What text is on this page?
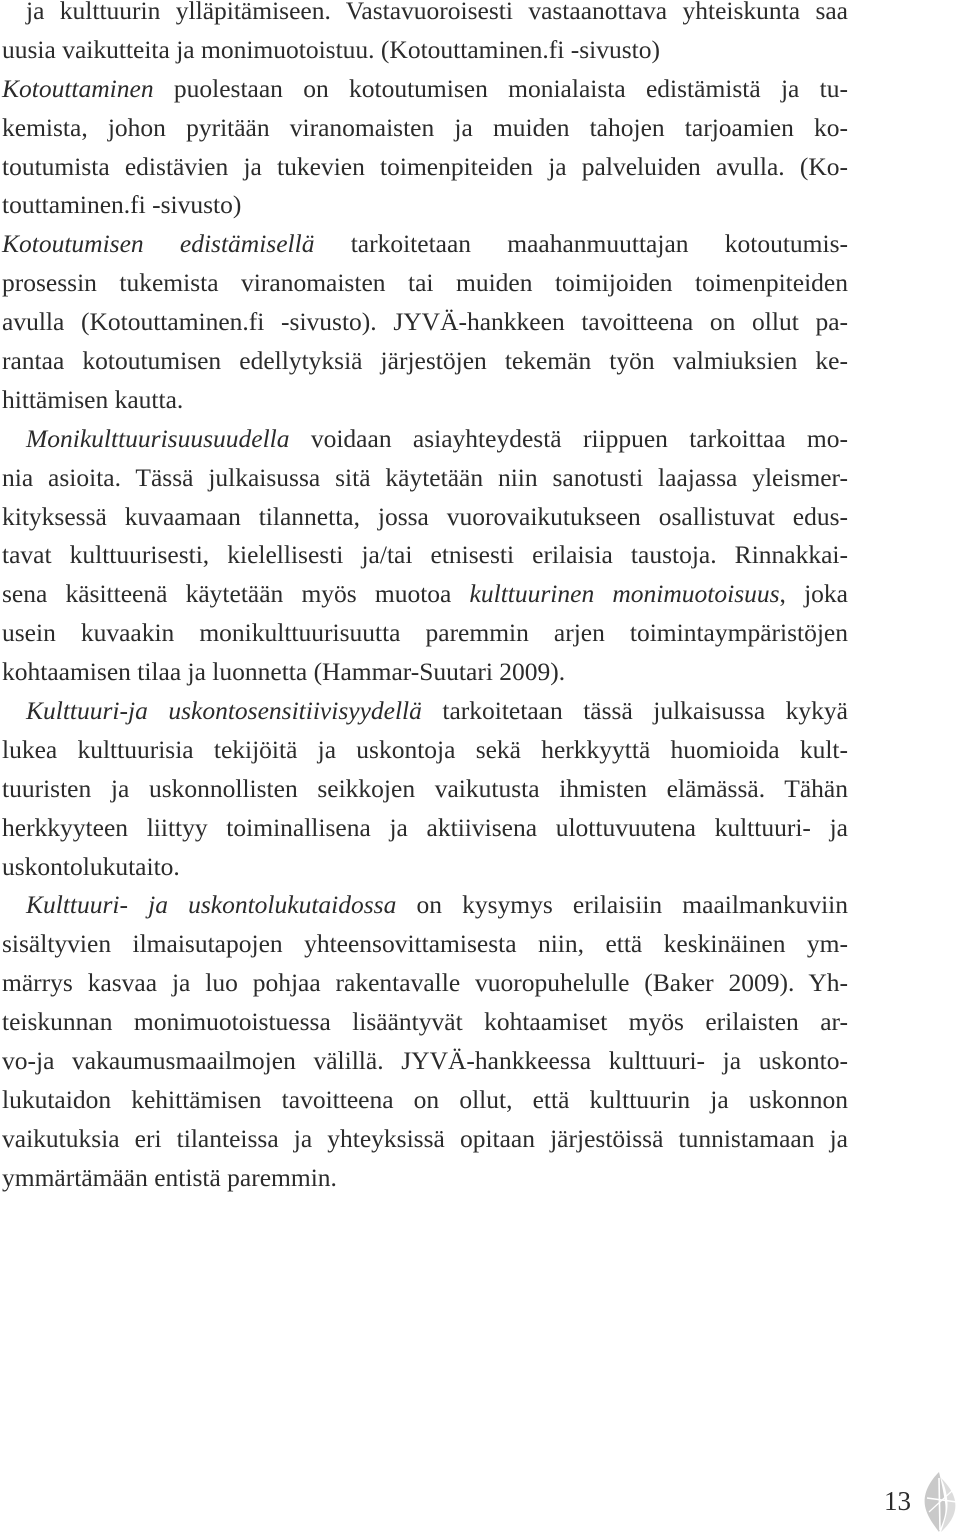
ja kulttuurin ylläpitämiseen. Vastavuoroisesti vastaanottava yhteiskunta saa
uusia vaikutteita ja monimuotoistuu. (Kotouttaminen.fi -sivusto)
Kotouttaminen puolestaan on kotoutumisen monialaista edistämistä ja tu-
kemista, johon pyritään viranomaisten ja muiden tahojen tarjoamien ko-
toutumista edistävien ja tukevien toimenpiteiden ja palveluiden avulla. (Ko-
touttaminen.fi -sivusto)
Kotoutumisen edistämisellä tarkoitetaan maahanmuuttajan kotoutumis-
prosessin tukemista viranomaisten tai muiden toimijoiden toimenpiteiden
avulla (Kotouttaminen.fi -sivusto). JYVÄ-hankkeen tavoitteena on ollut pa-
rantaa kotoutumisen edellytyksiä järjestöjen tekemän työn valmiuksien ke-
hittämisen kautta.
Monikulttuurisuusuudella voidaan asiayhteydestä riippuen tarkoittaa mo-
nia asioita. Tässä julkaisussa sitä käytetään niin sanotusti laajassa yleismer-
kityksessä kuvaamaan tilannetta, jossa vuorovaikutukseen osallistuvat edus-
tavat kulttuurisesti, kielellisesti ja/tai etnisesti erilaisia taustoja. Rinnakkai-
sena käsitteenä käytetään myös muotoa kulttuurinen monimuotoisuus, joka
usein kuvaakin monikulttuurisuutta paremmin arjen toimintaympäristöjen
kohtaamisen tilaa ja luonnetta (Hammar-Suutari 2009).
Kulttuuri-ja uskontosensitiivisyydellä tarkoitetaan tässä julkaisussa kykyä
lukea kulttuurisia tekijöitä ja uskontoja sekä herkkyyttä huomioida kult-
tuuristen ja uskonnollisten seikkojen vaikutusta ihmisten elämässä. Tähän
herkkyyteen liittyy toiminallisena ja aktiivisena ulottuvuutena kulttuuri- ja
uskontolukutaito.
Kulttuuri- ja uskontolukutaidossa on kysymys erilaisiin maailmankuviin
sisältyvien ilmaisutapojen yhteensovittamisesta niin, että keskinäinen ym-
märrys kasvaa ja luo pohjaa rakentavalle vuoropuhelulle (Baker 2009). Yh-
teiskunnan monimuotoistuessa lisääntyvät kohtaamiset myös erilaisten ar-
vo-ja vakaumusmaailmojen välillä. JYVÄ-hankkeessa kulttuuri- ja uskonto-
lukutaidon kehittämisen tavoitteena on ollut, että kulttuurin ja uskonnon
vaikutuksia eri tilanteissa ja yhteyksissä opitaan järjestöissä tunnistamaan ja
ymmärtämään entistä paremmin.
13
